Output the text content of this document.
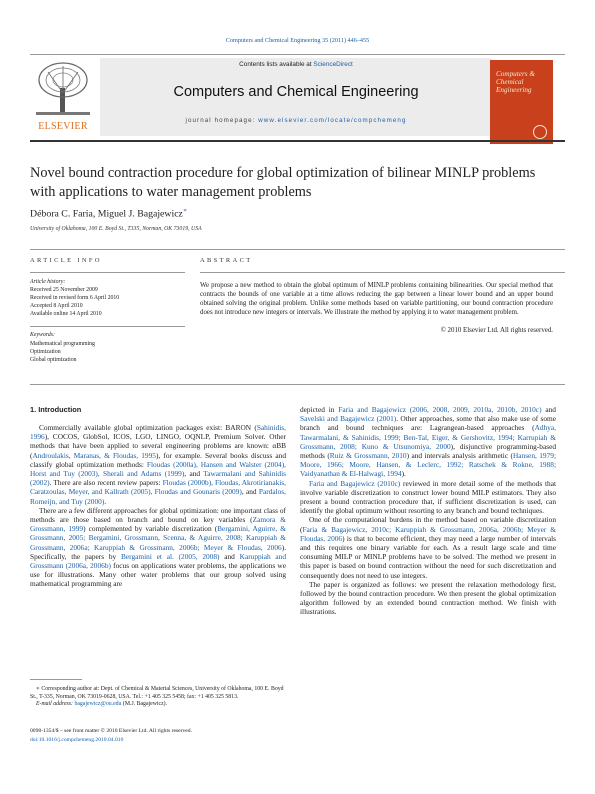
Computers and Chemical Engineering 35 (2011) 446–455
ELSEVIER
Contents lists available at ScienceDirect
Computers and Chemical Engineering
journal homepage: www.elsevier.com/locate/compchemeng
Computers & Chemical Engineering
Novel bound contraction procedure for global optimization of bilinear MINLP problems with applications to water management problems
Débora C. Faria, Miguel J. Bagajewicz∗
University of Oklahoma, 100 E. Boyd St., T335, Norman, OK 73019, USA
ARTICLE INFO
Article history:
Received 25 November 2009
Received in revised form 6 April 2010
Accepted 8 April 2010
Available online 14 April 2010
Keywords:
Mathematical programming
Optimization
Global optimization
ABSTRACT
We propose a new method to obtain the global optimum of MINLP problems containing bilinearities. Our special method that contracts the bounds of one variable at a time allows reducing the gap between a linear lower bound and an upper bound obtained solving the original problem. Unlike some methods based on variable partitioning, our bound contraction procedure does not introduce new integers or intervals. We illustrate the method by applying it to water management problem.
© 2010 Elsevier Ltd. All rights reserved.
1. Introduction

Commercially available global optimization packages exist: BARON (Sahinidis, 1996), COCOS, GlobSol, ICOS, LGO, LINGO, OQNLP, Premium Solver. Other methods that have been applied to several engineering problems are known: αBB (Androulakis, Maranas, & Floudas, 1995), for example. Several books discuss and classify global optimization methods: Floudas (2000a), Hansen and Walster (2004), Horst and Tuy (2003), Sherali and Adams (1999), and Tawarmalani and Sahinidis (2002). There are also recent review papers: Floudas (2000b), Floudas, Akrotirianakis, Caratzoulas, Meyer, and Kallrath (2005), Floudas and Gounaris (2009), and Pardalos, Romeijn, and Tuy (2000).

There are a few different approaches for global optimization: one important class of methods are those based on branch and bound on key variables (Zamora & Grossmann, 1999) complemented by variable discretization (Bergamini, Aguirre, & Grossmann, 2005; Bergamini, Grossmann, Scenna, & Aguirre, 2008; Karuppiah & Grossmann, 2006a; Karuppiah & Grossmann, 2006b; Meyer & Floudas, 2006). Specifically, the papers by Bergamini et al. (2005, 2008) and Karuppiah and Grossmann (2006a, 2006b) focus on applications water problems, the applications we use for illustrations. Many other water problems that our group solved using mathematical programming are

depicted in Faria and Bagajewicz (2006, 2008, 2009, 2010a, 2010b, 2010c) and Savelski and Bagajewicz (2001). Other approaches, some that also make use of some branch and bound techniques are: Lagrangean-based approaches (Adhya, Tawarmalani, & Sahinidis, 1999; Ben-Tal, Eiger, & Gershovitz, 1994; Karrupiah & Grossmann, 2008; Kuno & Utsunomiya, 2000), disjunctive programming-based methods (Ruiz & Grossmann, 2010) and intervals analysis arithmetic (Hansen, 1979; Moore, 1966; Moore, Hansen, & Leclerc, 1992; Ratschek & Rokne, 1988; Vaidyanathan & El-Halwagi, 1994).

Faria and Bagajewicz (2010c) reviewed in more detail some of the methods that involve variable discretization to construct lower bound MILP estimators. They also present a bound contraction procedure that, if sufficient discretization is used, can identify the global optimum without resorting to any branch and bound techniques.

One of the computational burdens in the method based on variable discretization (Faria & Bagajewicz, 2010c; Karuppiah & Grossmann, 2006a, 2006b; Meyer & Floudas, 2006) is that to become efficient, they may need a large number of intervals and this requires one binary variable for each. As a result large scale and time consuming MILP or MINLP problems have to be solved. The method we present in this paper is based on bound contraction without the need for such discretization and consequently does not need to use integers.

The paper is organized as follows: we present the relaxation methodology first, followed by the bound contraction procedure. We then present the global optimization algorithm followed by an extended bound contraction method. We finish with illustrations.

∗ Corresponding author at: Dept. of Chemical & Material Sciences, University of Oklahoma, 100 E. Boyd St., T-335, Norman, OK 73019-0628, USA. Tel.: +1 405 325 5458; fax: +1 405 325 5813.
E-mail address: bagajewicz@ou.edu (M.J. Bagajewicz).
0098-1354/$ – see front matter © 2010 Elsevier Ltd. All rights reserved.
doi:10.1016/j.compchemeng.2010.04.010
